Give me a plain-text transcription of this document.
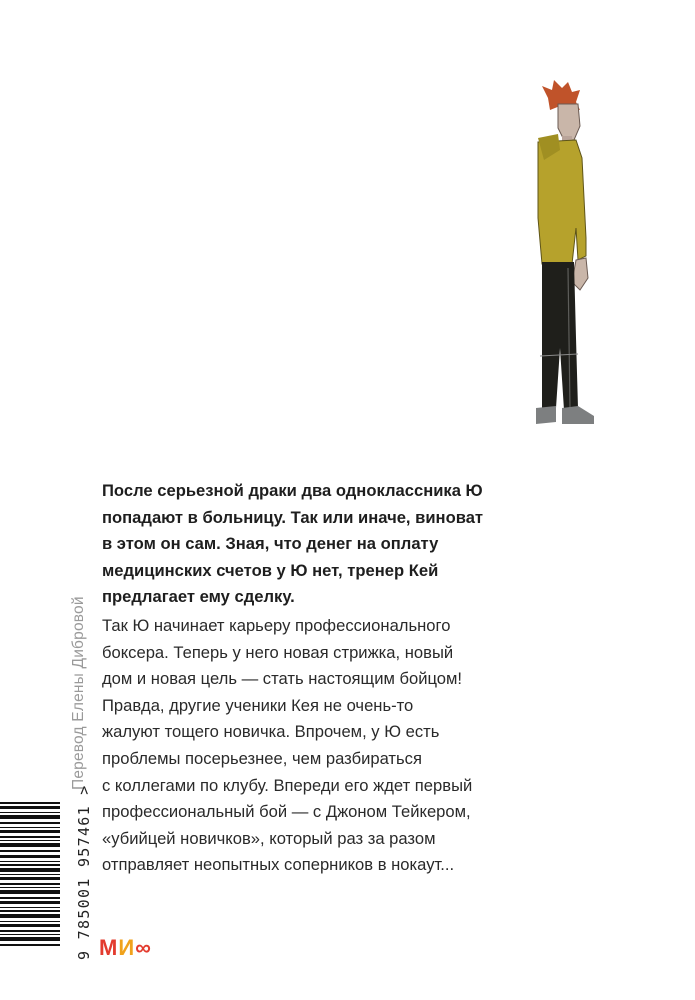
После серьезной драки два одноклассника Ю
попадают в больницу. Так или иначе, виноват
в этом он сам. Зная, что денег на оплату
медицинских счетов у Ю нет, тренер Кей
предлагает ему сделку.

Так Ю начинает карьеру профессионального
боксера. Теперь у него новая стрижка, новый
дом и новая цель — стать настоящим бойцом!
Правда, другие ученики Кея не очень-то
жалуют тощего новичка. Впрочем, у Ю есть
проблемы посерьезнее, чем разбираться
с коллегами по клубу. Впереди его ждет первый
профессиональный бой — с Джоном Тейкером,
«убийцей новичков», который раз за разом
отправляет неопытных соперников в нокаут...

Перевод Елены Дибровой
9 785001 957461 > МИ∞
